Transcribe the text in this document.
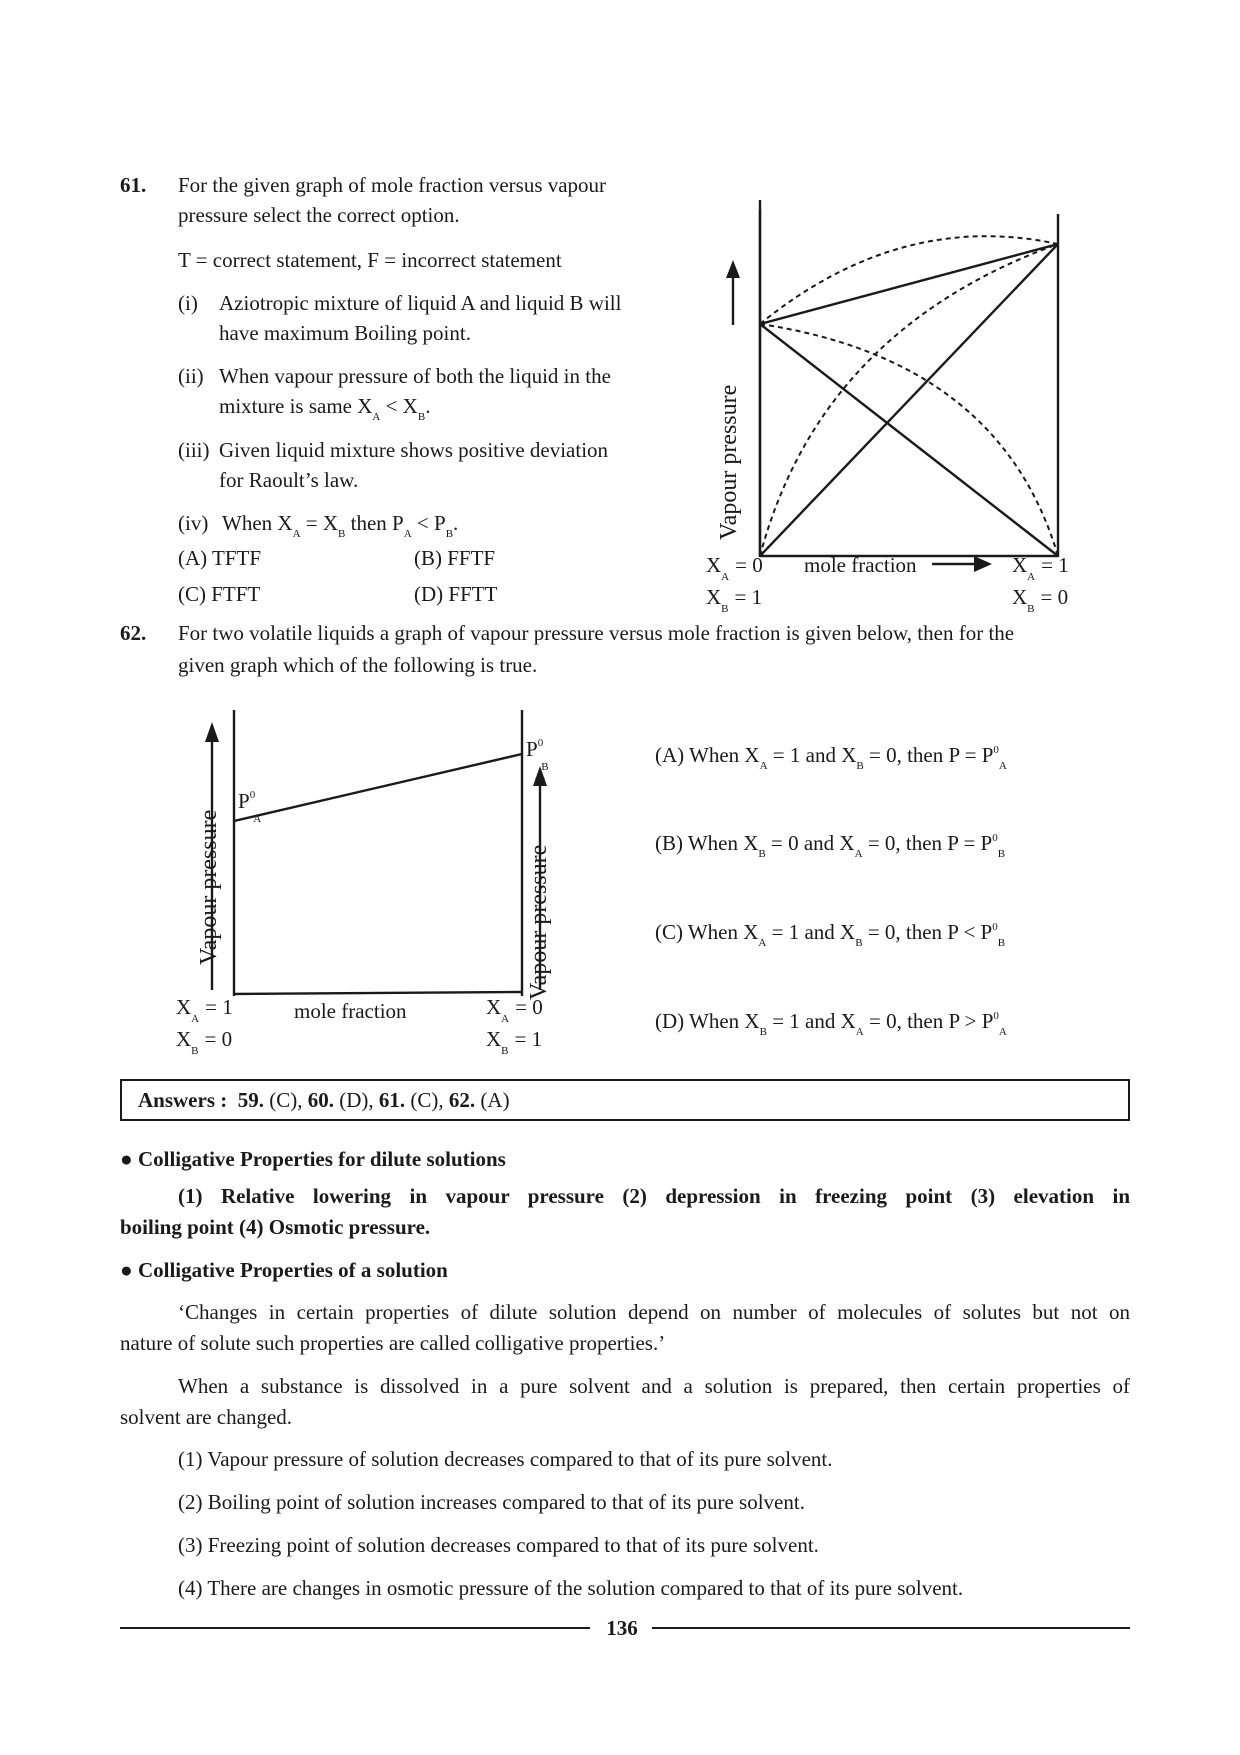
61. For the given graph of mole fraction versus vapour
pressure select the correct option.
T = correct statement, F = incorrect statement
(i) Aziotropic mixture of liquid A and liquid B will
have maximum Boiling point.
(ii) When vapour pressure of both the liquid in the
mixture is same $X_A < X_B$.
(iii) Given liquid mixture shows positive deviation
for Raoult’s law.
(iv) When $X_A = X_B$ then $P_A < P_B$.
(A) TFTF	(B) FFTF
(C) FTFT	(D) FFTT
Vapour pressure
mole fraction
$X_A = 0$
$X_B = 1$
$X_A = 1$
$X_B = 0$
62. For two volatile liquids a graph of vapour pressure versus mole fraction is given below, then for the
given graph which of the following is true.
Vapour pressure	Vapour pressure
$P^0$ A
$P^0$ B
mole fraction
$X_A = 1$
$X_B = 0$
$X_A = 0$
$X_B = 1$
(A) When $X_A = 1$ and $X_B = 0$, then $P = P^0_A$
(B) When $X_B = 0$ and $X_A = 0$, then $P = P^0_B$
(C) When $X_A = 1$ and $X_B = 0$, then $P < P^0_B$
(D) When $X_B = 1$ and $X_A = 0$, then $P > P^0_A$
Answers : 59. (C), 60. (D), 61. (C), 62. (A)
● Colligative Properties for dilute solutions
(1) Relative lowering in vapour pressure (2) depression in freezing point (3) elevation in
boiling point (4) Osmotic pressure.
● Colligative Properties of a solution
‘Changes in certain properties of dilute solution depend on number of molecules of solutes but not on
nature of solute such properties are called colligative properties.’
When a substance is dissolved in a pure solvent and a solution is prepared, then certain properties of
solvent are changed.
(1) Vapour pressure of solution decreases compared to that of its pure solvent.
(2) Boiling point of solution increases compared to that of its pure solvent.
(3) Freezing point of solution decreases compared to that of its pure solvent.
(4) There are changes in osmotic pressure of the solution compared to that of its pure solvent.
136
